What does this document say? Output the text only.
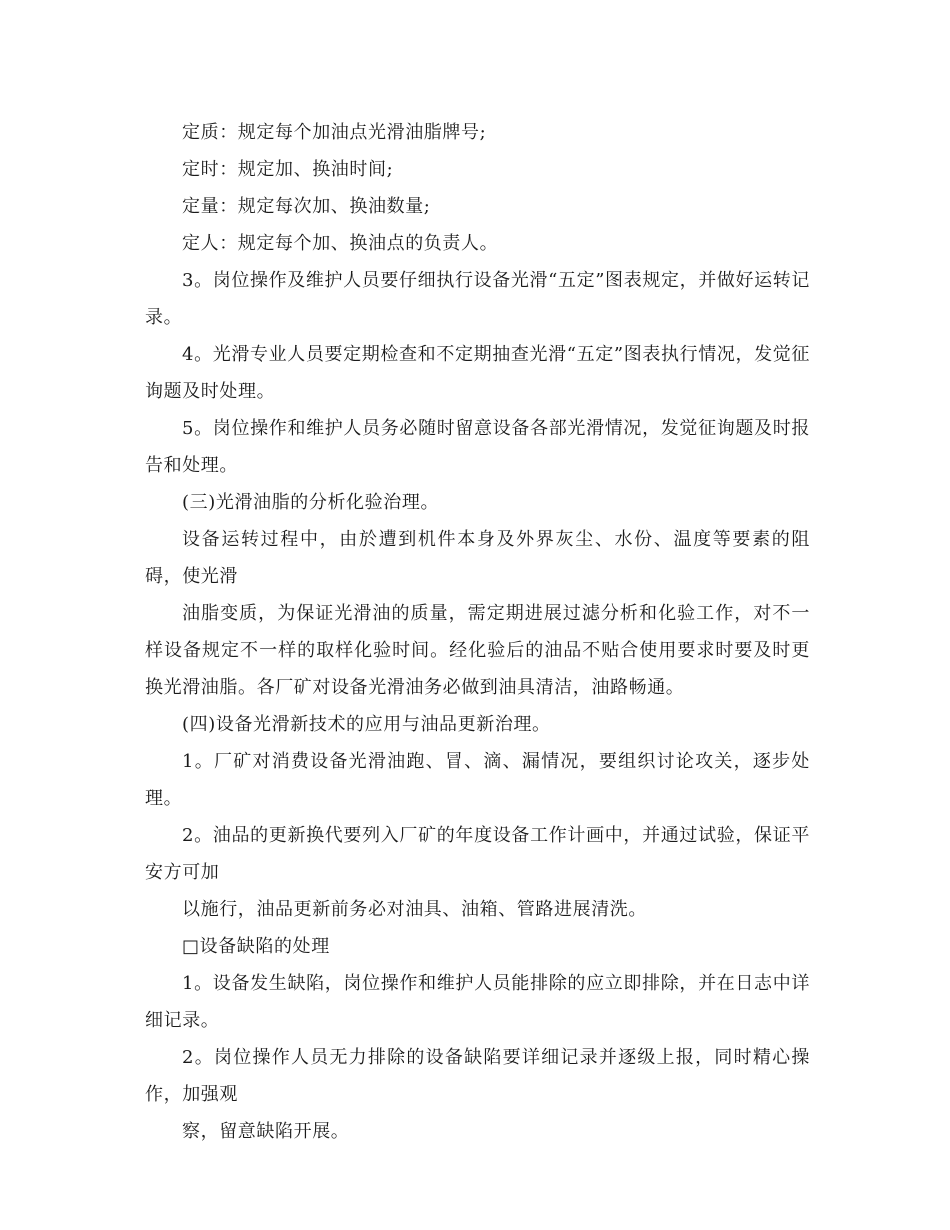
定质：规定每个加油点光滑油脂牌号;

定时：规定加、换油时间;

定量：规定每次加、换油数量;

定人：规定每个加、换油点的负责人。

3。岗位操作及维护人员要仔细执行设备光滑“五定”图表规定，并做好运转记录。

4。光滑专业人员要定期检查和不定期抽查光滑“五定”图表执行情况，发觉征询题及时处理。

5。岗位操作和维护人员务必随时留意设备各部光滑情况，发觉征询题及时报告和处理。

(三)光滑油脂的分析化验治理。

设备运转过程中，由於遭到机件本身及外界灰尘、水份、温度等要素的阻碍，使光滑

油脂变质，为保证光滑油的质量，需定期进展过滤分析和化验工作，对不一样设备规定不一样的取样化验时间。经化验后的油品不贴合使用要求时要及时更换光滑油脂。各厂矿对设备光滑油务必做到油具清洁，油路畅通。

(四)设备光滑新技术的应用与油品更新治理。

1。厂矿对消费设备光滑油跑、冒、滴、漏情况，要组织讨论攻关，逐步处理。

2。油品的更新换代要列入厂矿的年度设备工作计画中，并通过试验，保证平安方可加

以施行，油品更新前务必对油具、油箱、管路进展清洗。

□设备缺陷的处理

1。设备发生缺陷，岗位操作和维护人员能排除的应立即排除，并在日志中详细记录。

2。岗位操作人员无力排除的设备缺陷要详细记录并逐级上报，同时精心操作，加强观

察，留意缺陷开展。
